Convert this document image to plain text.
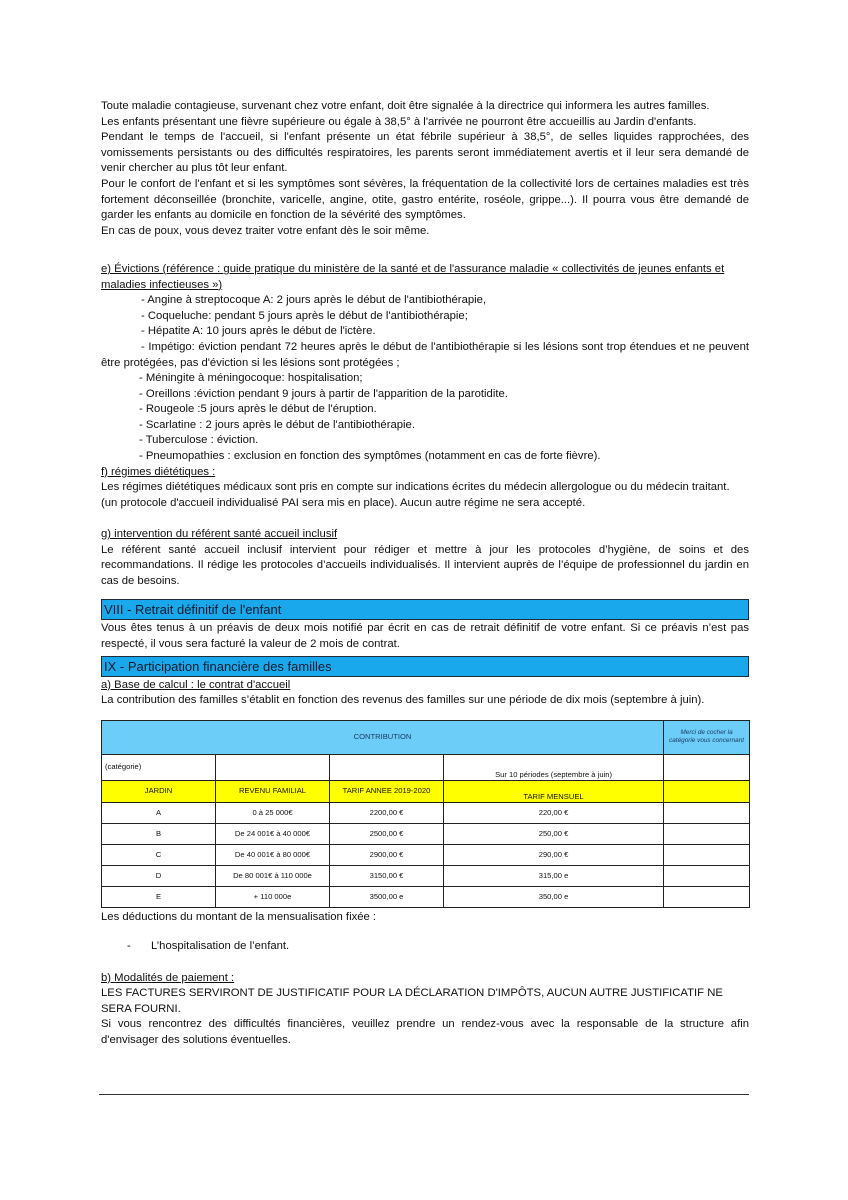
Toute maladie contagieuse, survenant chez votre enfant, doit être signalée à la directrice qui informera les autres familles.

Les enfants présentant une fièvre supérieure ou égale à 38,5° à l'arrivée ne pourront être accueillis au Jardin d'enfants.

Pendant le temps de l'accueil, si l'enfant présente un état fébrile supérieur à 38,5°, de selles liquides rapprochées, des vomissements persistants ou des difficultés respiratoires, les parents seront immédiatement avertis et il leur sera demandé de venir chercher au plus tôt leur enfant.

Pour le confort de l'enfant et si les symptômes sont sévères, la fréquentation de la collectivité lors de certaines maladies est très fortement déconseillée (bronchite, varicelle, angine, otite, gastro entérite, roséole, grippe...). Il pourra vous être demandé de garder les enfants au domicile en fonction de la sévérité des symptômes.

En cas de poux, vous devez traiter votre enfant dès le soir même.

e) Évictions (référence : guide pratique du ministère de la santé et de l'assurance maladie « collectivités de jeunes enfants et maladies infectieuses »)

- Angine à streptocoque A: 2 jours après le début de l'antibiothérapie,
- Coqueluche: pendant 5 jours après le début de l'antibiothérapie;
- Hépatite A: 10 jours après le début de l'ictère.

- Impétigo: éviction pendant 72 heures après le début de l'antibiothérapie si les lésions sont trop étendues et ne peuvent être protégées, pas d'éviction si les lésions sont protégées ;

- Méningite à méningocoque: hospitalisation;
- Oreillons :éviction pendant 9 jours à partir de l'apparition de la parotidite.
- Rougeole :5 jours après le début de l'éruption.
- Scarlatine : 2 jours après le début de l'antibiothérapie.
- Tuberculose : éviction.
- Pneumopathies : exclusion en fonction des symptômes (notamment en cas de forte fièvre).

f) régimes diététiques :

Les régimes diététiques médicaux sont pris en compte sur indications écrites du médecin allergologue ou du médecin traitant. (un protocole d'accueil individualisé PAI sera mis en place). Aucun autre régime ne sera accepté.

g) intervention du référent santé accueil inclusif

Le référent santé accueil inclusif intervient pour rédiger et mettre à jour les protocoles d’hygiène, de soins et des recommandations. Il rédige les protocoles d’accueils individualisés. Il intervient auprès de l’équipe de professionnel du jardin en cas de besoins.

VIII - Retrait définitif de l'enfant

Vous êtes tenus à un préavis de deux mois notifié par écrit en cas de retrait définitif de votre enfant. Si ce préavis n’est pas respecté, il vous sera facturé la valeur de 2 mois de contrat.

IX - Participation financière des familles

a) Base de calcul : le contrat d'accueil

La contribution des familles s’établit en fonction des revenus des familles sur une période de dix mois (septembre à juin).

CONTRIBUTION				Merci de cocher la catégorie vous concernant
(catégorie)			Sur 10 périodes (septembre à juin)	
JARDIN	REVENU FAMILIAL	TARIF ANNEE 2019-2020	TARIF MENSUEL	
A	0 à 25 000€	2200,00 €	220,00 €	
B	De 24 001€ à 40 000€	2500,00 €	250,00 €	
C	De 40 001€ à 80 000€	2900,00 €	290,00 €	
D	De 80 001€ à 110 000e	3150,00 €	315,00 e	
E	+ 110 000e	3500,00 e	350,00 e	

Les déductions du montant de la mensualisation fixée :

-	L’hospitalisation de l’enfant.

b) Modalités de paiement :

LES FACTURES SERVIRONT DE JUSTIFICATIF POUR LA DÉCLARATION D'IMPÔTS, AUCUN AUTRE JUSTIFICATIF NE SERA FOURNI.

Si vous rencontrez des difficultés financières, veuillez prendre un rendez-vous avec la responsable de la structure afin d'envisager des solutions éventuelles.
